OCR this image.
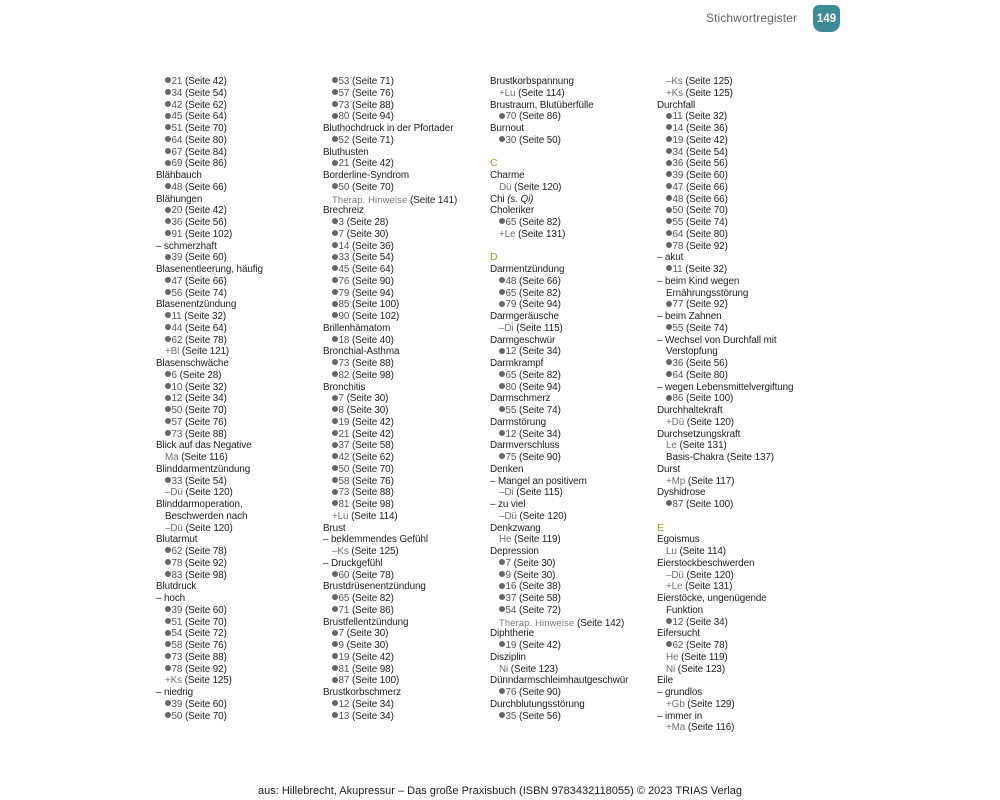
Stichwortregister	149
21 (Seite 42)
34 (Seite 54)
42 (Seite 62)
45 (Seite 64)
51 (Seite 70)
64 (Seite 80)
67 (Seite 84)
69 (Seite 86)
Blähbauch
48 (Seite 66)
Blähungen
20 (Seite 42)
36 (Seite 56)
91 (Seite 102)
– schmerzhaft
39 (Seite 60)
Blasenentleerung, häufig
47 (Seite 66)
56 (Seite 74)
Blasenentzündung
11 (Seite 32)
44 (Seite 64)
62 (Seite 78)
+Bl (Seite 121)
Blasenschwäche
6 (Seite 28)
10 (Seite 32)
12 (Seite 34)
50 (Seite 70)
57 (Seite 76)
73 (Seite 88)
Blick auf das Negative
Ma (Seite 116)
Blinddarmentzündung
33 (Seite 54)
–Dü (Seite 120)
Blinddarmoperation,
Beschwerden nach
–Dü (Seite 120)
Blutarmut
62 (Seite 78)
78 (Seite 92)
83 (Seite 98)
Blutdruck
– hoch
39 (Seite 60)
51 (Seite 70)
54 (Seite 72)
58 (Seite 76)
73 (Seite 88)
78 (Seite 92)
+Ks (Seite 125)
– niedrig
39 (Seite 60)
50 (Seite 70)
53 (Seite 71)
57 (Seite 76)
73 (Seite 88)
80 (Seite 94)
Bluthochdruck in der Pfortader
52 (Seite 71)
Bluthusten
21 (Seite 42)
Borderline-Syndrom
50 (Seite 70)
Therap. Hinweise (Seite 141)
Brechreiz
3 (Seite 28)
7 (Seite 30)
14 (Seite 36)
33 (Seite 54)
45 (Seite 64)
76 (Seite 90)
79 (Seite 94)
85 (Seite 100)
90 (Seite 102)
Brillenhämatom
18 (Seite 40)
Bronchial-Asthma
73 (Seite 88)
82 (Seite 98)
Bronchitis
7 (Seite 30)
8 (Seite 30)
19 (Seite 42)
21 (Seite 42)
37 (Seite 58)
42 (Seite 62)
50 (Seite 70)
58 (Seite 76)
73 (Seite 88)
81 (Seite 98)
+Lu (Seite 114)
Brust
– beklemmendes Gefühl
–Ks (Seite 125)
– Druckgefühl
60 (Seite 78)
Brustdrüsenentzündung
65 (Seite 82)
71 (Seite 86)
Brustfellentzündung
7 (Seite 30)
9 (Seite 30)
19 (Seite 42)
81 (Seite 98)
87 (Seite 100)
Brustkorbschmerz
12 (Seite 34)
13 (Seite 34)
Brustkorbspannung
+Lu (Seite 114)
Brustraum, Blutüberfülle
70 (Seite 86)
Burnout
30 (Seite 50)
C
Charme
Dü (Seite 120)
Chi (s. Qi)
Choleriker
65 (Seite 82)
+Le (Seite 131)
D
Darmentzündung
48 (Seite 66)
65 (Seite 82)
79 (Seite 94)
Darmgeräusche
–Di (Seite 115)
Darmgeschwür
12 (Seite 34)
Darmkrampf
65 (Seite 82)
80 (Seite 94)
Darmschmerz
55 (Seite 74)
Darmstörung
12 (Seite 34)
Darmverschluss
75 (Seite 90)
Denken
– Mangel an positivem
–Di (Seite 115)
– zu viel
–Dü (Seite 120)
Denkzwang
He (Seite 119)
Depression
7 (Seite 30)
9 (Seite 30)
16 (Seite 38)
37 (Seite 58)
54 (Seite 72)
Therap. Hinweise (Seite 142)
Diphtherie
19 (Seite 42)
Disziplin
Ni (Seite 123)
Dünndarmschleimhautgeschwür
76 (Seite 90)
Durchblutungsstörung
35 (Seite 56)
–Ks (Seite 125)
+Ks (Seite 125)
Durchfall
11 (Seite 32)
14 (Seite 36)
19 (Seite 42)
34 (Seite 54)
36 (Seite 56)
39 (Seite 60)
47 (Seite 66)
48 (Seite 66)
50 (Seite 70)
55 (Seite 74)
64 (Seite 80)
78 (Seite 92)
– akut
11 (Seite 32)
– beim Kind wegen
Ernährungsstörung
77 (Seite 92)
– beim Zahnen
55 (Seite 74)
– Wechsel von Durchfall mit
Verstopfung
36 (Seite 56)
64 (Seite 80)
– wegen Lebensmittelvergiftung
86 (Seite 100)
Durchhaltekraft
+Dü (Seite 120)
Durchsetzungskraft
Le (Seite 131)
Basis-Chakra (Seite 137)
Durst
+Mp (Seite 117)
Dyshidrose
87 (Seite 100)
E
Egoismus
Lu (Seite 114)
Eierstockbeschwerden
–Dü (Seite 120)
+Le (Seite 131)
Eierstöcke, ungenügende
Funktion
12 (Seite 34)
Eifersucht
62 (Seite 78)
He (Seite 119)
Ni (Seite 123)
Eile
– grundlos
+Gb (Seite 129)
– immer in
+Ma (Seite 116)
aus: Hillebrecht, Akupressur – Das große Praxisbuch (ISBN 9783432118055) © 2023 TRIAS Verlag
